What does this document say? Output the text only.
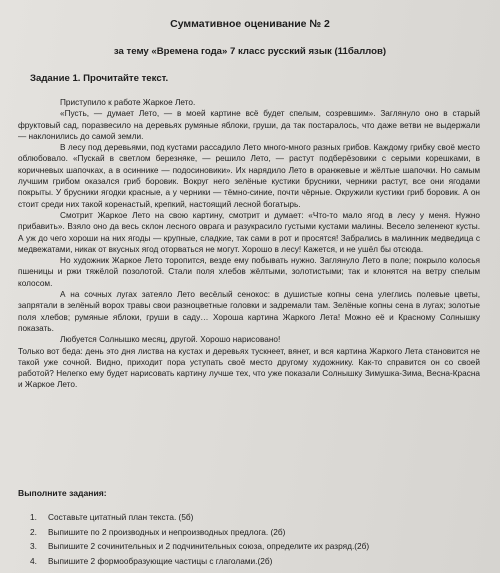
Суммативное оценивание № 2
за тему «Времена года» 7 класс русский язык (11баллов)
Задание 1. Прочитайте текст.

Приступило к работе Жаркое Лето.

«Пусть, — думает Лето, — в моей картине всё будет спелым, созревшим». Заглянуло оно в старый фруктовый сад, поразвесило на деревьях румяные яблоки, груши, да так постаралось, что даже ветви не выдержали — наклонились до самой земли.

В лесу под деревьями, под кустами рассадило Лето много-много разных грибов. Каждому грибку своё место облюбовало. «Пускай в светлом березняке, — решило Лето, — растут подберёзовики с серыми корешками, в коричневых шапочках, а в осиннике — подосиновики». Их нарядило Лето в оранжевые и жёлтые шапочки. Но самым лучшим грибом оказался гриб боровик. Вокруг него зелёные кустики брусники, черники растут, все они ягодами покрыты. У брусники ягодки красные, а у черники — тёмно-синие, почти чёрные. Окружили кустики гриб боровик. А он стоит среди них такой коренастый, крепкий, настоящий лесной богатырь.

Смотрит Жаркое Лето на свою картину, смотрит и думает: «Что-то мало ягод в лесу у меня. Нужно прибавить». Взяло оно да весь склон лесного оврага и разукрасило густыми кустами малины. Весело зеленеют кусты. А уж до чего хороши на них ягоды — крупные, сладкие, так сами в рот и просятся! Забрались в малинник медведица с медвежатами, никак от вкусных ягод оторваться не могут. Хорошо в лесу! Кажется, и не ушёл бы отсюда.

Но художник Жаркое Лето торопится, везде ему побывать нужно. Заглянуло Лето в поле; покрыло колосья пшеницы и ржи тяжёлой позолотой. Стали поля хлебов жёлтыми, золотистыми; так и клонятся на ветру спелым колосом.

А на сочных лугах затеяло Лето весёлый сенокос: в душистые копны сена улеглись полевые цветы, запрятали в зелёный ворох травы свои разноцветные головки и задремали там. Зелёные копны сена в лугах; золотые поля хлебов; румяные яблоки, груши в саду… Хороша картина Жаркого Лета! Можно её и Красному Солнышку показать.

Любуется Солнышко месяц, другой. Хорошо нарисовано!

Только вот беда: день это дня листва на кустах и деревьях тускнеет, вянет, и вся картина Жаркого Лета становится не такой уже сочной. Видно, приходит пора уступать своё место другому художнику. Как-то справится он со своей работой? Нелегко ему будет нарисовать картину лучше тех, что уже показали Солнышку Зимушка-Зима, Весна-Красна и Жаркое Лето.

Выполните задания:
1.	Составьте цитатный план текста. (5б)
2.	Выпишите по 2 производных и непроизводных предлога. (2б)
3.	Выпишите 2 сочинительных и 2 подчинительных союза, определите их разряд.(2б)
4.	Выпишите 2 формообразующие частицы с глаголами.(2б)
